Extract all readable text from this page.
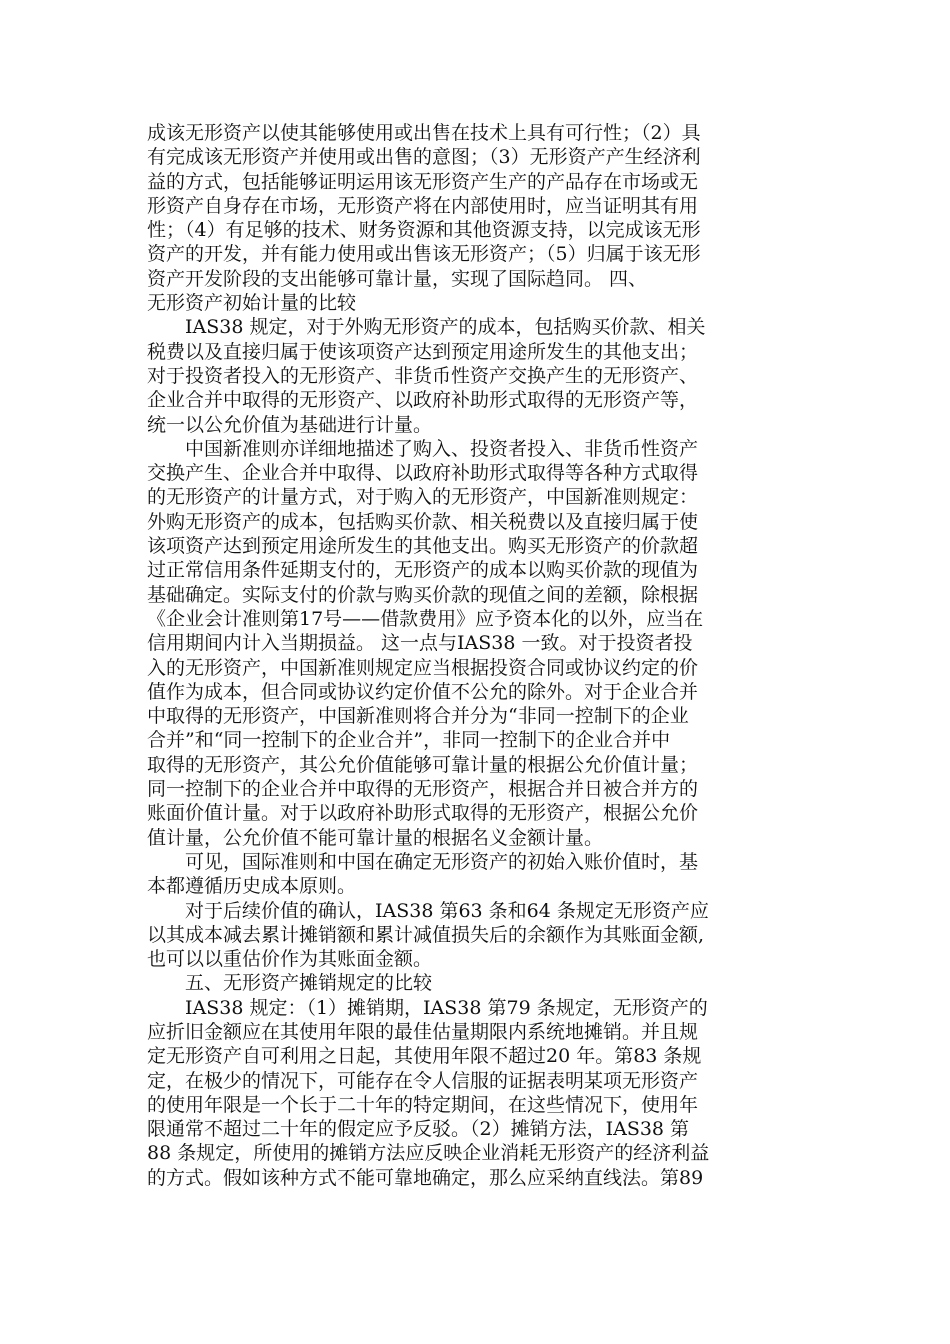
成该无形资产以使其能够使用或出售在技术上具有可行性；（2）具
有完成该无形资产并使用或出售的意图；（3）无形资产产生经济利
益的方式，包括能够证明运用该无形资产生产的产品存在市场或无
形资产自身存在市场，无形资产将在内部使用时，应当证明其有用
性；（4）有足够的技术、财务资源和其他资源支持，以完成该无形
资产的开发，并有能力使用或出售该无形资产；（5）归属于该无形
资产开发阶段的支出能够可靠计量，实现了国际趋同。 四、
无形资产初始计量的比较
IAS38 规定，对于外购无形资产的成本，包括购买价款、相关
税费以及直接归属于使该项资产达到预定用途所发生的其他支出；
对于投资者投入的无形资产、非货币性资产交换产生的无形资产、
企业合并中取得的无形资产、以政府补助形式取得的无形资产等，
统一以公允价值为基础进行计量。
中国新准则亦详细地描述了购入、投资者投入、非货币性资产
交换产生、企业合并中取得、以政府补助形式取得等各种方式取得
的无形资产的计量方式，对于购入的无形资产，中国新准则规定：
外购无形资产的成本，包括购买价款、相关税费以及直接归属于使
该项资产达到预定用途所发生的其他支出。购买无形资产的价款超
过正常信用条件延期支付的，无形资产的成本以购买价款的现值为
基础确定。实际支付的价款与购买价款的现值之间的差额，除根据
《企业会计准则第17号——借款费用》应予资本化的以外，应当在
信用期间内计入当期损益。 这一点与IAS38 一致。对于投资者投
入的无形资产，中国新准则规定应当根据投资合同或协议约定的价
值作为成本，但合同或协议约定价值不公允的除外。对于企业合并
中取得的无形资产，中国新准则将合并分为“非同一控制下的企业
合并”和“同一控制下的企业合并”，非同一控制下的企业合并中
取得的无形资产，其公允价值能够可靠计量的根据公允价值计量；
同一控制下的企业合并中取得的无形资产，根据合并日被合并方的
账面价值计量。对于以政府补助形式取得的无形资产，根据公允价
值计量，公允价值不能可靠计量的根据名义金额计量。
可见，国际准则和中国在确定无形资产的初始入账价值时，基
本都遵循历史成本原则。
对于后续价值的确认，IAS38 第63 条和64 条规定无形资产应
以其成本减去累计摊销额和累计减值损失后的余额作为其账面金额,
也可以以重估价作为其账面金额。
五、无形资产摊销规定的比较
IAS38 规定：（1）摊销期，IAS38 第79 条规定，无形资产的
应折旧金额应在其使用年限的最佳估量期限内系统地摊销。并且规
定无形资产自可利用之日起，其使用年限不超过20 年。第83 条规
定，在极少的情况下，可能存在令人信服的证据表明某项无形资产
的使用年限是一个长于二十年的特定期间，在这些情况下，使用年
限通常不超过二十年的假定应予反驳。（2）摊销方法，IAS38 第
88 条规定，所使用的摊销方法应反映企业消耗无形资产的经济利益
的方式。假如该种方式不能可靠地确定，那么应采纳直线法。第89
